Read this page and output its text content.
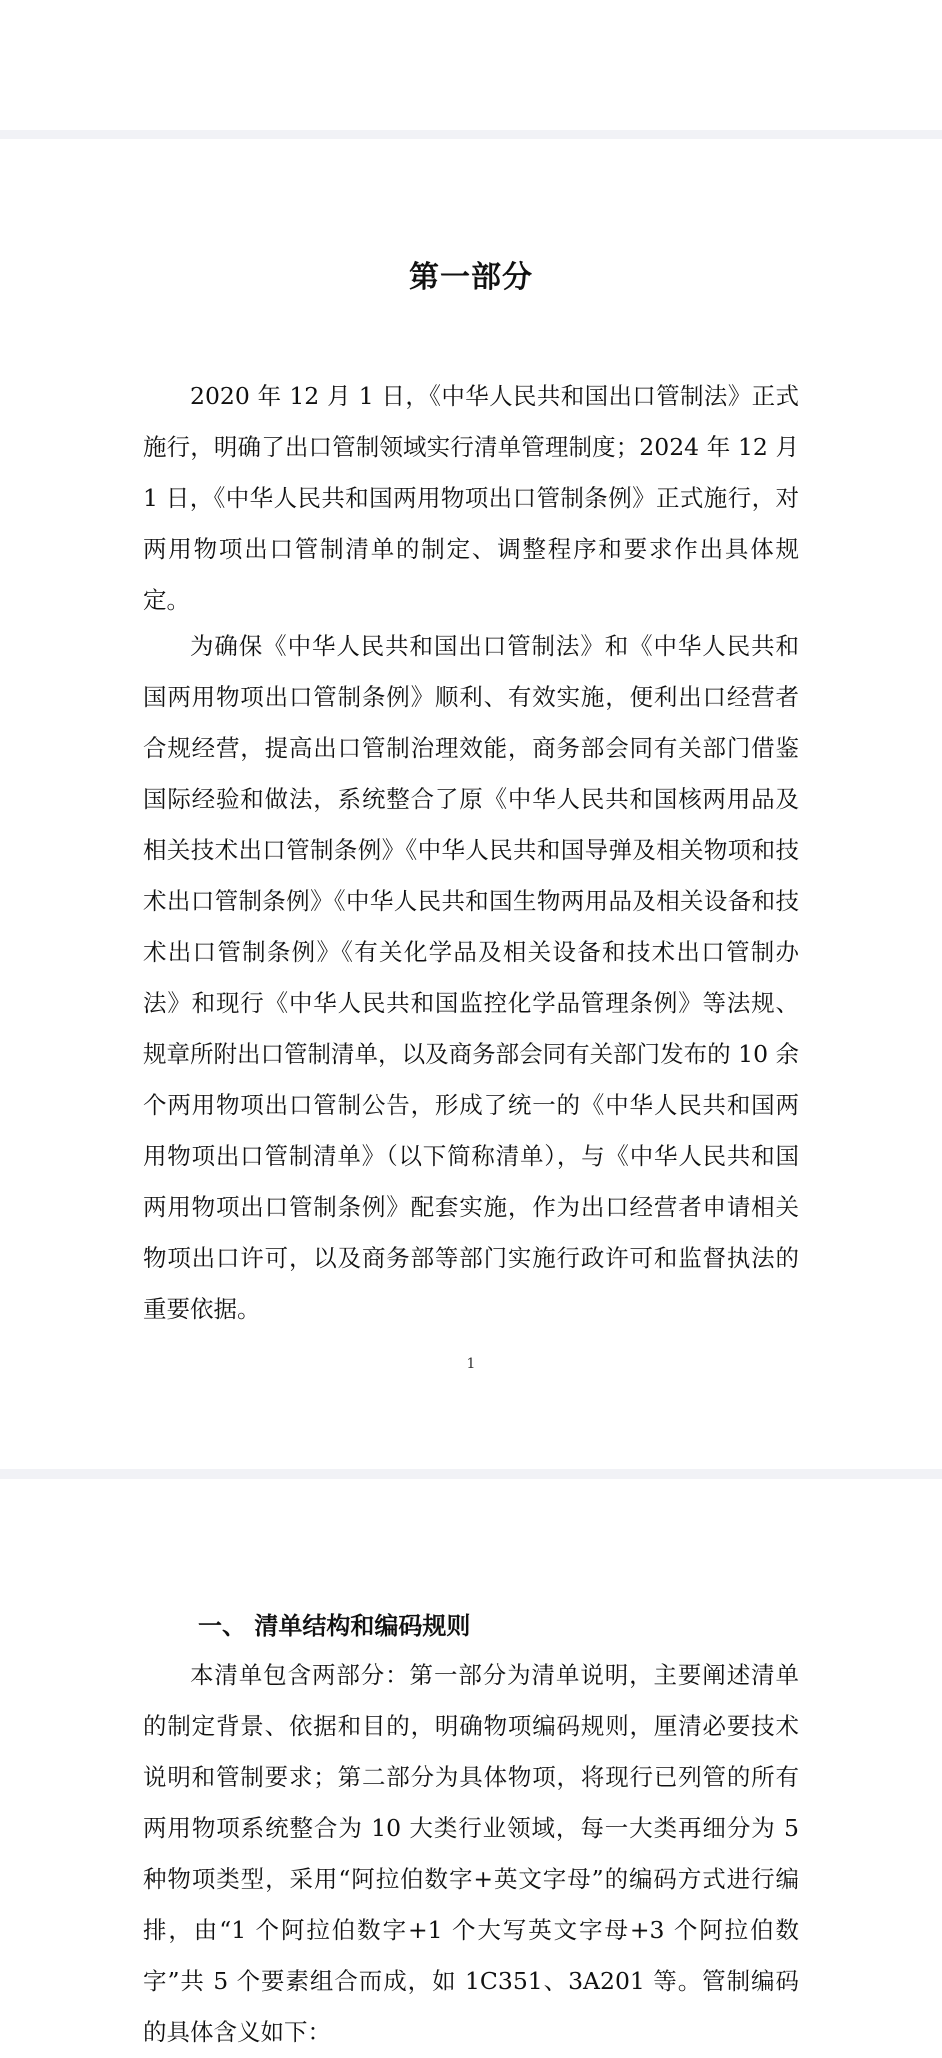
第一部分

2020 年 12 月 1 日，《中华人民共和国出口管制法》正式施行，明确了出口管制领域实行清单管理制度；2024 年 12 月 1 日，《中华人民共和国两用物项出口管制条例》正式施行，对两用物项出口管制清单的制定、调整程序和要求作出具体规定。

为确保《中华人民共和国出口管制法》和《中华人民共和国两用物项出口管制条例》顺利、有效实施，便利出口经营者合规经营，提高出口管制治理效能，商务部会同有关部门借鉴国际经验和做法，系统整合了原《中华人民共和国核两用品及相关技术出口管制条例》《中华人民共和国导弹及相关物项和技术出口管制条例》《中华人民共和国生物两用品及相关设备和技术出口管制条例》《有关化学品及相关设备和技术出口管制办法》和现行《中华人民共和国监控化学品管理条例》等法规、规章所附出口管制清单，以及商务部会同有关部门发布的 10 余个两用物项出口管制公告，形成了统一的《中华人民共和国两用物项出口管制清单》（以下简称清单），与《中华人民共和国两用物项出口管制条例》配套实施，作为出口经营者申请相关物项出口许可，以及商务部等部门实施行政许可和监督执法的重要依据。

1
一、 清单结构和编码规则

本清单包含两部分：第一部分为清单说明，主要阐述清单的制定背景、依据和目的，明确物项编码规则，厘清必要技术说明和管制要求；第二部分为具体物项，将现行已列管的所有两用物项系统整合为 10 大类行业领域，每一大类再细分为 5 种物项类型，采用“阿拉伯数字+英文字母”的编码方式进行编排，由“1 个阿拉伯数字+1 个大写英文字母+3 个阿拉伯数字”共 5 个要素组合而成，如 1C351、3A201 等。管制编码的具体含义如下：
